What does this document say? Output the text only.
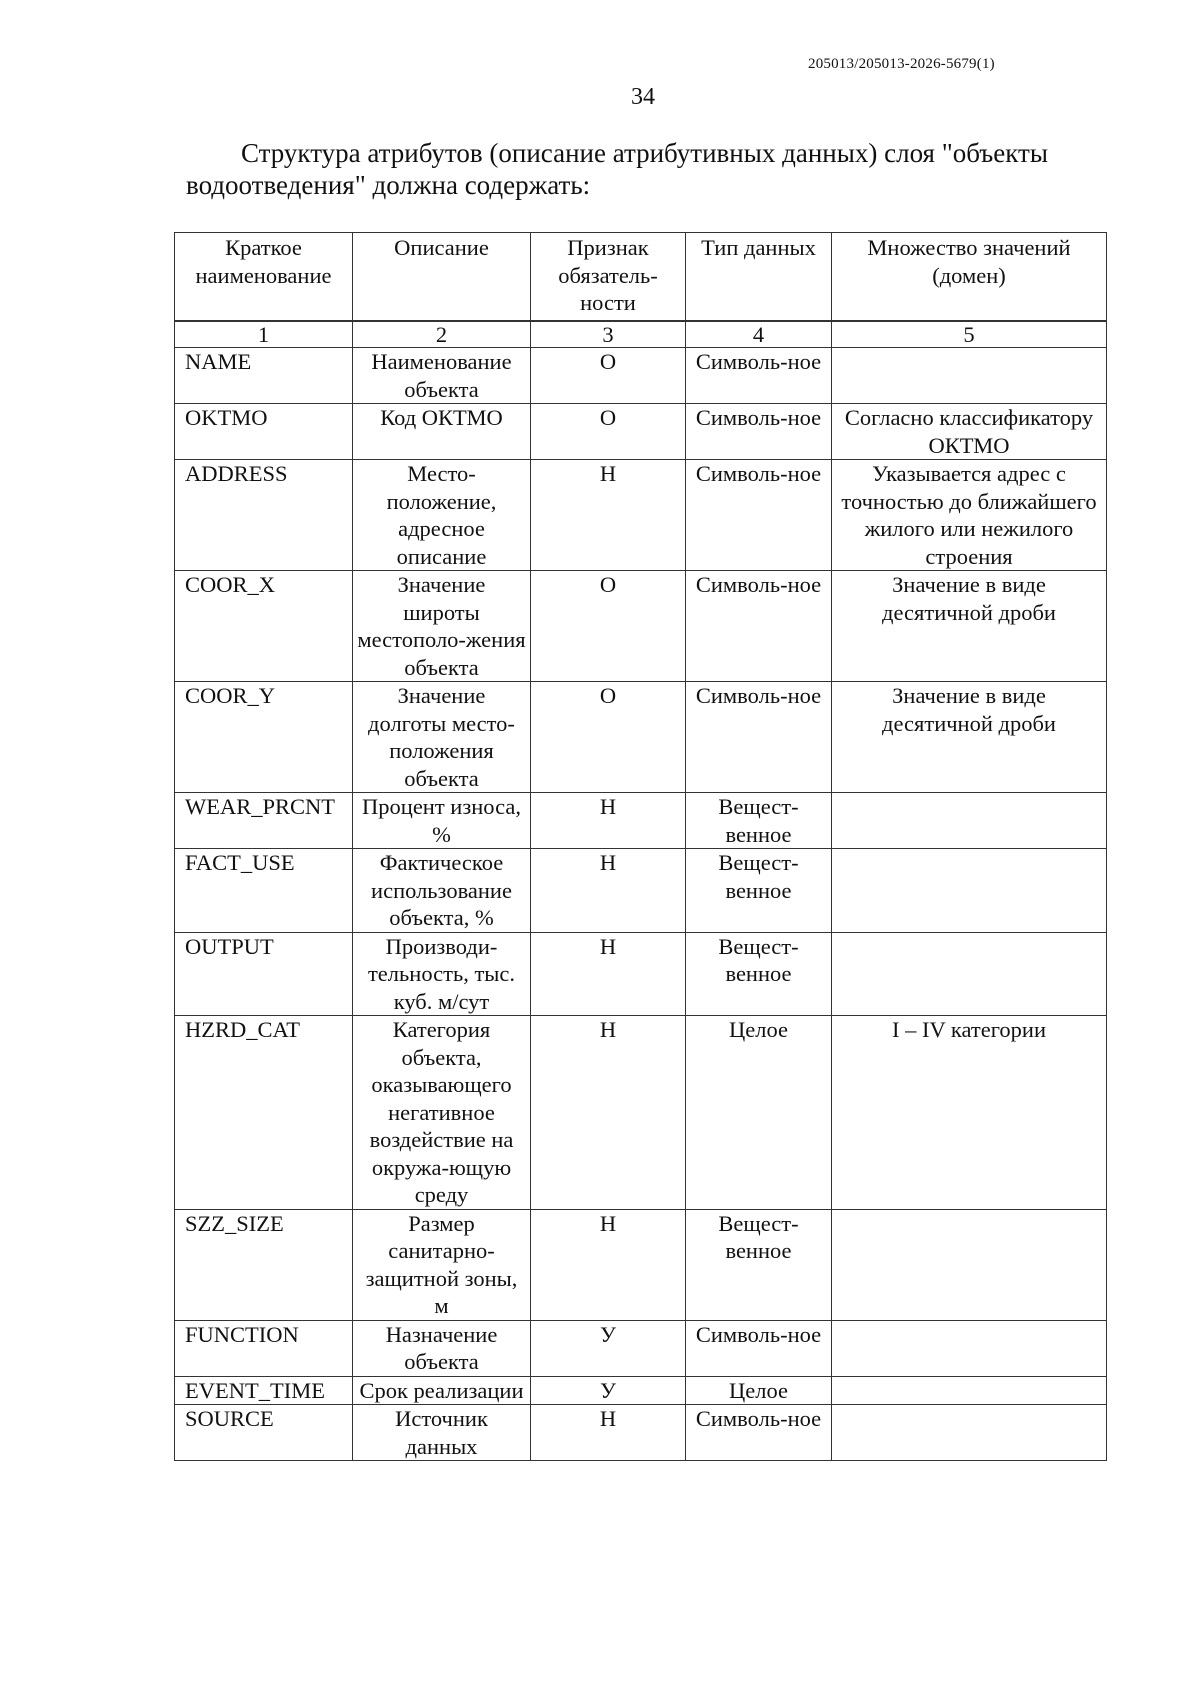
205013/205013-2026-5679(1)
34

Структура атрибутов (описание атрибутивных данных) слоя "объекты водоотведения" должна содержать:

Краткое наименование	Описание	Признак обязатель-ности	Тип данных	Множество значений (домен)
1	2	3	4	5
NAME	Наименование объекта	О	Символь-ное	
OKTMO	Код ОКТМО	О	Символь-ное	Согласно классификатору ОКТМО
ADDRESS	Место-положение, адресное описание	Н	Символь-ное	Указывается адрес с точностью до ближайшего жилого или нежилого строения
COOR_X	Значение широты местополо-жения объекта	О	Символь-ное	Значение в виде десятичной дроби
COOR_Y	Значение долготы место-положения объекта	О	Символь-ное	Значение в виде десятичной дроби
WEAR_PRCNT	Процент износа, %	Н	Вещест-венное	
FACT_USE	Фактическое использование объекта, %	Н	Вещест-венное	
OUTPUT	Производи-тельность, тыс. куб. м/сут	Н	Вещест-венное	
HZRD_CAT	Категория объекта, оказывающего негативное воздействие на окружа-ющую среду	Н	Целое	I – IV категории
SZZ_SIZE	Размер санитарно-защитной зоны, м	Н	Вещест-венное	
FUNCTION	Назначение объекта	У	Символь-ное	
EVENT_TIME	Срок реализации	У	Целое	
SOURCE	Источник данных	Н	Символь-ное	
